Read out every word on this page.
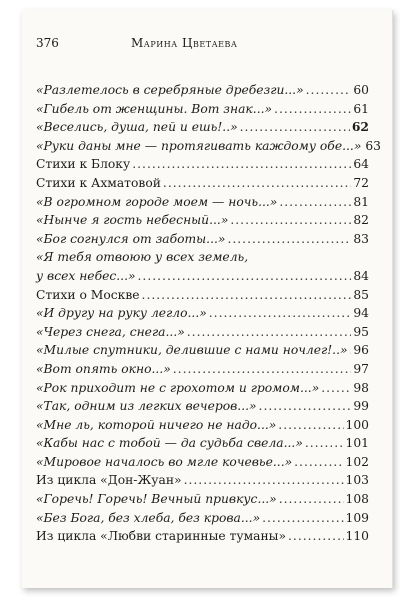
376	Марина Цветаева
«Разлетелось в серебряные дребезги...» .....	60
«Гибель от женщины. Вот знак...» .....	61
«Веселись, душа, пей и ешь!..» .....	62
«Руки даны мне — протягивать каждому обе...» 63
Стихи к Блоку .....	64
Стихи к Ахматовой .....	72
«В огромном городе моем — ночь...» .....	81
«Нынче я гость небесный...» .....	82
«Бог согнулся от заботы...» .....	83
«Я тебя отвоюю у всех земель,
у всех небес...» .....	84
Стихи о Москве .....	85
«И другу на руку легло...» .....	94
«Через снега, снега...» .....	95
«Милые спутники, делившие с нами ночлег!..» ..... 96
«Вот опять окно...» .....	97
«Рок приходит не с грохотом и громом...» .....	98
«Так, одним из легких вечеров...» .....	99
«Мне ль, которой ничего не надо...» .....	100
«Кабы нас с тобой — да судьба свела...» .....	101
«Мировое началось во мгле кочевье...» .....	102
Из цикла «Дон-Жуан» .....	103
«Горечь! Горечь! Вечный привкус...» .....	108
«Без Бога, без хлеба, без крова...» .....	109
Из цикла «Любви старинные туманы» .....	110
